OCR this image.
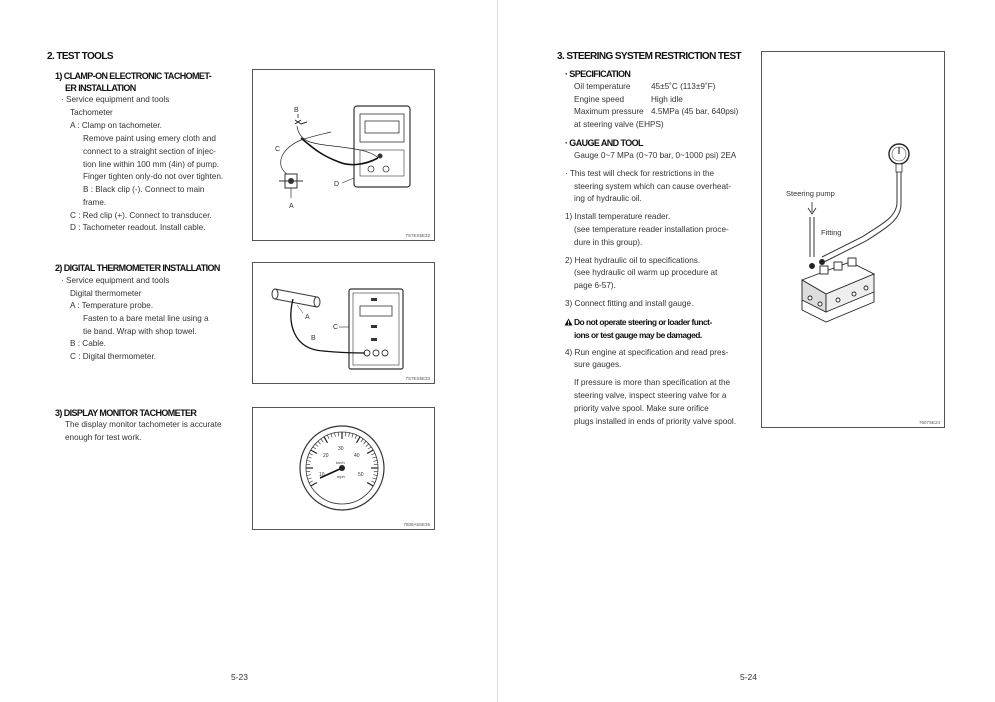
2. TEST TOOLS
1) CLAMP-ON ELECTRONIC TACHOMET-
ER INSTALLATION
· Service equipment and tools
Tachometer
A : Clamp on tachometer.
Remove paint using emery cloth and
connect to a straight section of injec-
tion line within 100 mm (4in) of pump.
Finger tighten only-do not over tighten.
B : Black clip (-). Connect to main
frame.
C : Red clip (+). Connect to transducer.
D : Tachometer readout. Install cable.
B
C
A
D
7S7ES5E32
2) DIGITAL THERMOMETER INSTALLATION
· Service equipment and tools
Digital thermometer
A : Temperature probe.
Fasten to a bare metal line using a
tie band. Wrap with shop towel.
B : Cable.
C : Digital thermometer.
A
B
C
7S7ES5E33
3) DISPLAY MONITOR TACHOMETER
The display monitor tachometer is accurate
enough for test work.
10
20
30
40
50
km/h
mph
7609A5SE35
5-23
3. STEERING SYSTEM RESTRICTION TEST
· SPECIFICATION
Oil temperature	45±5˚C (113±9˚F)
Engine speed	High idle
Maximum pressure 4.5MPa (45 bar, 640psi)
at steering valve (EHPS)
· GAUGE AND TOOL
Gauge 0~7 MPa (0~70 bar, 0~1000 psi) 2EA
· This test will check for restrictions in the
steering system which can cause overheat-
ing of hydraulic oil.
1) Install temperature reader.
(see temperature reader installation proce-
dure in this group).
2) Heat hydraulic oil to specifications.
(see hydraulic oil warm up procedure at
page 6-57).
3) Connect fitting and install gauge.
Do not operate steering or loader funct-
ions or test gauge may be damaged.
4) Run engine at specification and read pres-
sure gauges.
If pressure is more than specification at the
steering valve, inspect steering valve for a
priority valve spool. Make sure orifice
plugs installed in ends of priority valve spool.
Steering pump
Fitting
7607SE24
5-24
